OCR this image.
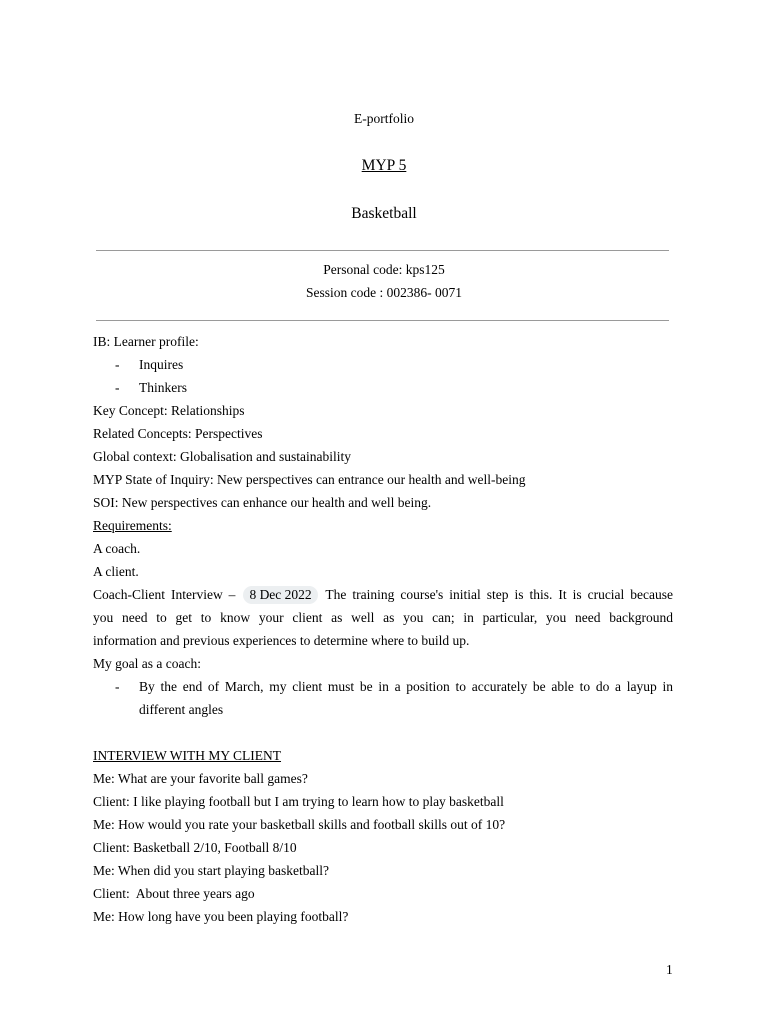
E-portfolio
MYP 5
Basketball
Personal code: kps125
Session code : 002386- 0071
IB: Learner profile:
- Inquires
- Thinkers
Key Concept: Relationships
Related Concepts: Perspectives
Global context: Globalisation and sustainability
MYP State of Inquiry: New perspectives can entrance our health and well-being
SOI: New perspectives can enhance our health and well being.
Requirements:
A coach.
A client.
Coach-Client Interview – 8 Dec 2022 The training course's initial step is this. It is crucial because
you need to get to know your client as well as you can; in particular, you need background
information and previous experiences to determine where to build up.
My goal as a coach:
- By the end of March, my client must be in a position to accurately be able to do a layup in
different angles
INTERVIEW WITH MY CLIENT
Me: What are your favorite ball games?
Client: I like playing football but I am trying to learn how to play basketball
Me: How would you rate your basketball skills and football skills out of 10?
Client: Basketball 2/10, Football 8/10
Me: When did you start playing basketball?
Client:  About three years ago
Me: How long have you been playing football?
1
